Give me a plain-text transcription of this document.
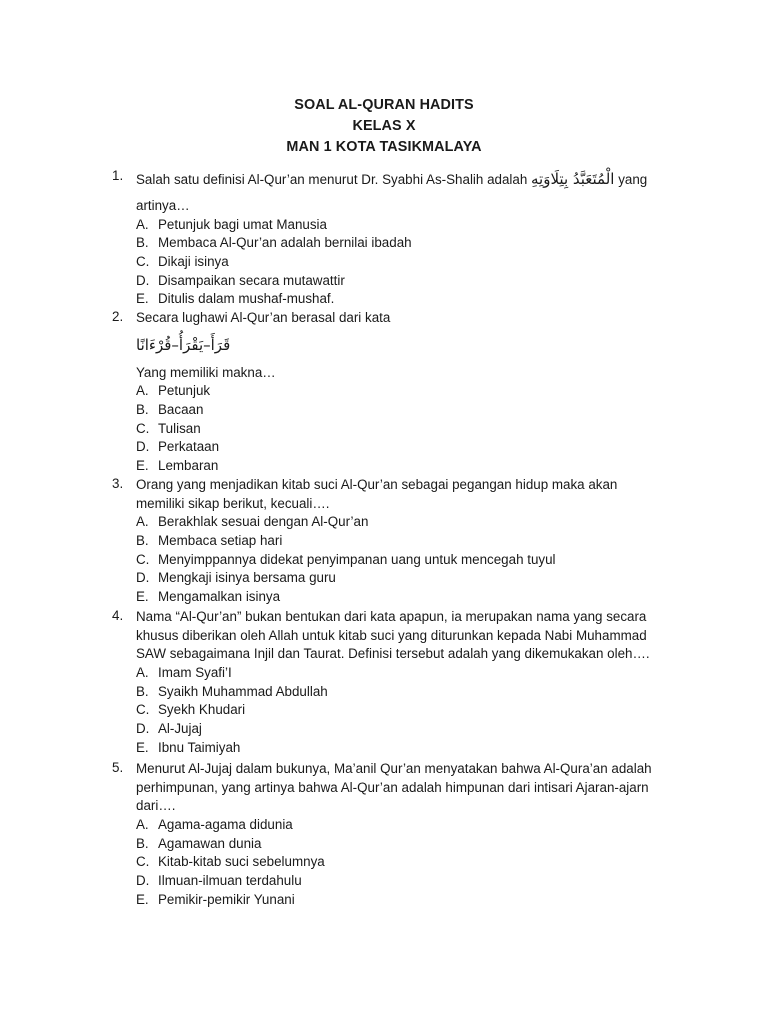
SOAL AL-QURAN HADITS
KELAS X
MAN 1 KOTA TASIKMALAYA
1. Salah satu definisi Al-Qur’an menurut Dr. Syabhi As-Shalih adalah الْمُتَعَبَّدُ بِتِلَاوَتِهِ yang
artinya…
A. Petunjuk bagi umat Manusia
B. Membaca Al-Qur’an adalah bernilai ibadah
C. Dikaji isinya
D. Disampaikan secara mutawattir
E. Ditulis dalam mushaf-mushaf.
2. Secara lughawi Al-Qur’an berasal dari kata
قَرَأَ–يَقْرَأُ–قُرْءَانًا
Yang memiliki makna…
A. Petunjuk
B. Bacaan
C. Tulisan
D. Perkataan
E. Lembaran
3. Orang yang menjadikan kitab suci Al-Qur’an sebagai pegangan hidup maka akan memiliki sikap berikut, kecuali….
A. Berakhlak sesuai dengan Al-Qur’an
B. Membaca setiap hari
C. Menyimppannya didekat penyimpanan uang untuk mencegah tuyul
D. Mengkaji isinya bersama guru
E. Mengamalkan isinya
4. Nama “Al-Qur’an” bukan bentukan dari kata apapun, ia merupakan nama yang secara khusus diberikan oleh Allah untuk kitab suci yang diturunkan kepada Nabi Muhammad SAW sebagaimana Injil dan Taurat. Definisi tersebut adalah yang dikemukakan oleh….
A. Imam Syafi’I
B. Syaikh Muhammad Abdullah
C. Syekh Khudari
D. Al-Jujaj
E. Ibnu Taimiyah
5. Menurut Al-Jujaj dalam bukunya, Ma’anil Qur’an menyatakan bahwa Al-Qura’an adalah perhimpunan, yang artinya bahwa Al-Qur’an adalah himpunan dari intisari Ajaran-ajarn dari….
A. Agama-agama didunia
B. Agamawan dunia
C. Kitab-kitab suci sebelumnya
D. Ilmuan-ilmuan terdahulu
E. Pemikir-pemikir Yunani
